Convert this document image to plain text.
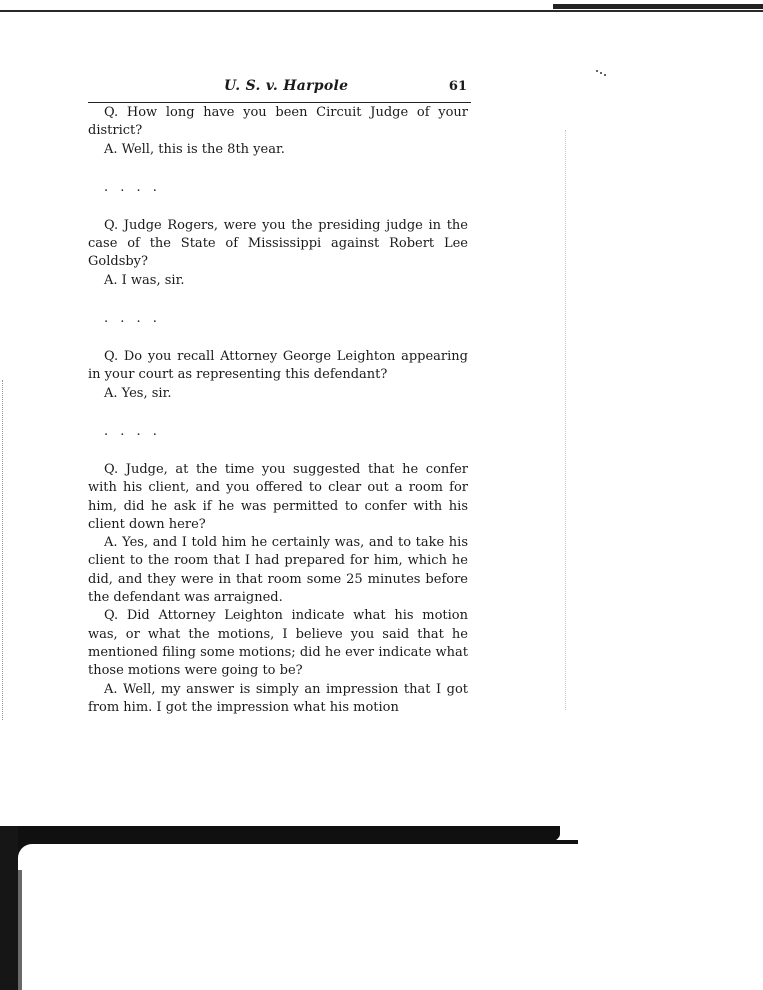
U. S. v. Harpole	61

Q. How long have you been Circuit Judge of your district?

A. Well, this is the 8th year.

. . . .

Q. Judge Rogers, were you the presiding judge in the case of the State of Mississippi against Robert Lee Goldsby?

A. I was, sir.

. . . .

Q. Do you recall Attorney George Leighton appearing in your court as representing this defendant?

A. Yes, sir.

. . . .

Q. Judge, at the time you suggested that he confer with his client, and you offered to clear out a room for him, did he ask if he was permitted to confer with his client down here?

A. Yes, and I told him he certainly was, and to take his client to the room that I had prepared for him, which he did, and they were in that room some 25 minutes before the defendant was arraigned.

Q. Did Attorney Leighton indicate what his motion was, or what the motions, I believe you said that he mentioned filing some motions; did he ever indicate what those motions were going to be?

A. Well, my answer is simply an impression that I got from him. I got the impression what his motion
